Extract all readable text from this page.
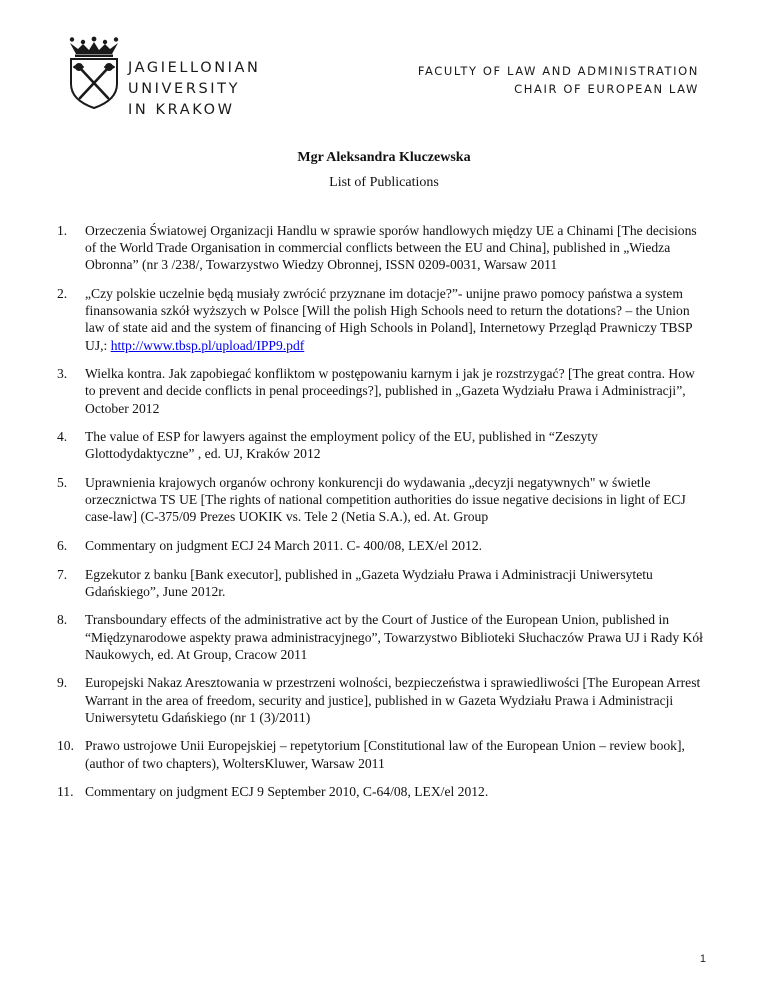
JAGIELLONIAN
UNIVERSITY
IN KRAKOW
FACULTY OF LAW AND ADMINISTRATION
CHAIR OF EUROPEAN LAW
Mgr Aleksandra Kluczewska
List of Publications
1. Orzeczenia Światowej Organizacji Handlu w sprawie sporów handlowych między UE a Chinami [The decisions of the World Trade Organisation in commercial conflicts between the EU and China], published in „Wiedza Obronna” (nr 3 /238/, Towarzystwo Wiedzy Obronnej, ISSN 0209-0031, Warsaw 2011
2. „Czy polskie uczelnie będą musiały zwrócić przyznane im dotacje?”- unijne prawo pomocy państwa a system finansowania szkół wyższych w Polsce [Will the polish High Schools need to return the dotations? – the Union law of state aid and the system of financing of High Schools in Poland], Internetowy Przegląd Prawniczy TBSP UJ,: http://www.tbsp.pl/upload/IPP9.pdf
3. Wielka kontra. Jak zapobiegać konfliktom w postępowaniu karnym i jak je rozstrzygać? [The great contra. How to prevent and decide conflicts in penal proceedings?], published in „Gazeta Wydziału Prawa i Administracji”, October 2012
4. The value of ESP for lawyers against the employment policy of the EU, published in “Zeszyty Glottodydaktyczne” , ed. UJ, Kraków 2012
5. Uprawnienia krajowych organów ochrony konkurencji do wydawania „decyzji negatywnych" w świetle orzecznictwa TS UE [The rights of national competition authorities do issue negative decisions in light of ECJ case-law] (C-375/09 Prezes UOKIK vs. Tele 2 (Netia S.A.), ed. At. Group
6. Commentary on judgment ECJ 24 March 2011. C- 400/08, LEX/el 2012.
7. Egzekutor z banku [Bank executor], published in „Gazeta Wydziału Prawa i Administracji Uniwersytetu Gdańskiego”, June 2012r.
8. Transboundary effects of the administrative act by the Court of Justice of the European Union, published in “Międzynarodowe aspekty prawa administracyjnego”, Towarzystwo Biblioteki Słuchaczów Prawa UJ i Rady Kół Naukowych, ed. At Group, Cracow 2011
9. Europejski Nakaz Aresztowania w przestrzeni wolności, bezpieczeństwa i sprawiedliwości [The European Arrest Warrant in the area of freedom, security and justice], published in w Gazeta Wydziału Prawa i Administracji Uniwersytetu Gdańskiego (nr 1 (3)/2011)
10. Prawo ustrojowe Unii Europejskiej – repetytorium [Constitutional law of the European Union – review book], (author of two chapters), WoltersKluwer, Warsaw 2011
11. Commentary on judgment ECJ 9 September 2010, C-64/08, LEX/el 2012.
1
